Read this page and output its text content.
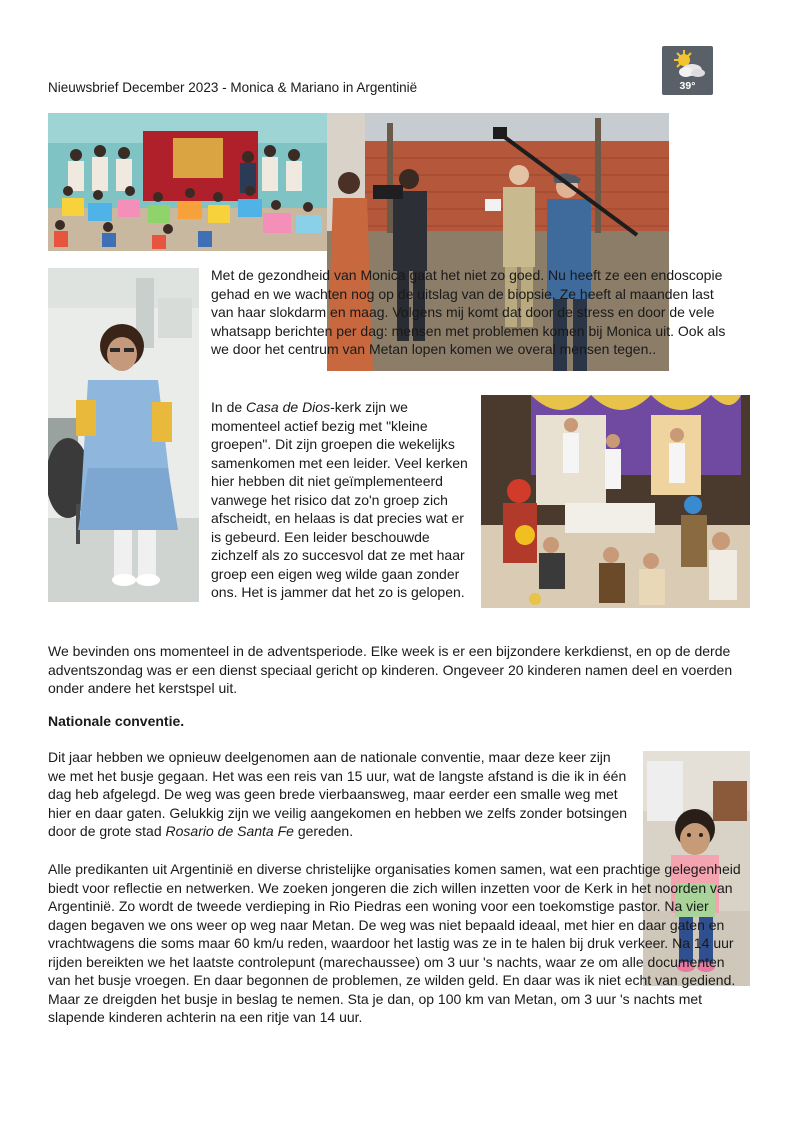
Nieuwsbrief December 2023 - Monica & Mariano in Argentinië	39°

Met de gezondheid van Monica gaat het niet zo goed. Nu heeft ze een endoscopie gehad en we wachten nog op de uitslag van de biopsie. Ze heeft al maanden last van haar slokdarm en maag. Volgens mij komt dat door de stress en door de vele whatsapp berichten per dag: mensen met problemen komen bij Monica uit. Ook als we door het centrum van Metan lopen komen we overal mensen tegen..

In de Casa de Dios-kerk zijn we momenteel actief bezig met "kleine groepen". Dit zijn groepen die wekelijks samenkomen met een leider. Veel kerken hier hebben dit niet geïmplementeerd vanwege het risico dat zo'n groep zich afscheidt, en helaas is dat precies wat er is gebeurd. Een leider beschouwde zichzelf als zo succesvol dat ze met haar groep een eigen weg wilde gaan zonder ons. Het is jammer dat het zo is gelopen.

We bevinden ons momenteel in de adventsperiode. Elke week is er een bijzondere kerkdienst, en op de derde adventszondag was er een dienst speciaal gericht op kinderen. Ongeveer 20 kinderen namen deel en voerden onder andere het kerstspel uit.

Nationale conventie.

Dit jaar hebben we opnieuw deelgenomen aan de nationale conventie, maar deze keer zijn we met het busje gegaan. Het was een reis van 15 uur, wat de langste afstand is die ik in één dag heb afgelegd. De weg was geen brede vierbaansweg, maar eerder een smalle weg met hier en daar gaten. Gelukkig zijn we veilig aangekomen en hebben we zelfs zonder botsingen door de grote stad Rosario de Santa Fe gereden.

Alle predikanten uit Argentinië en diverse christelijke organisaties komen samen, wat een prachtige gelegenheid biedt voor reflectie en netwerken. We zoeken jongeren die zich willen inzetten voor de Kerk in het noorden van Argentinië. Zo wordt de tweede verdieping in Rio Piedras een woning voor een toekomstige pastor. Na vier dagen begaven we ons weer op weg naar Metan. De weg was niet bepaald ideaal, met hier en daar gaten en vrachtwagens die soms maar 60 km/u reden, waardoor het lastig was ze in te halen bij druk verkeer. Na 14 uur rijden bereikten we het laatste controlepunt (marechaussee) om 3 uur 's nachts, waar ze om alle documenten van het busje vroegen. En daar begonnen de problemen, ze wilden geld. En daar was ik niet echt van gediend. Maar ze dreigden het busje in beslag te nemen. Sta je dan, op 100 km van Metan, om 3 uur 's nachts met slapende kinderen achterin na een ritje van 14 uur.
